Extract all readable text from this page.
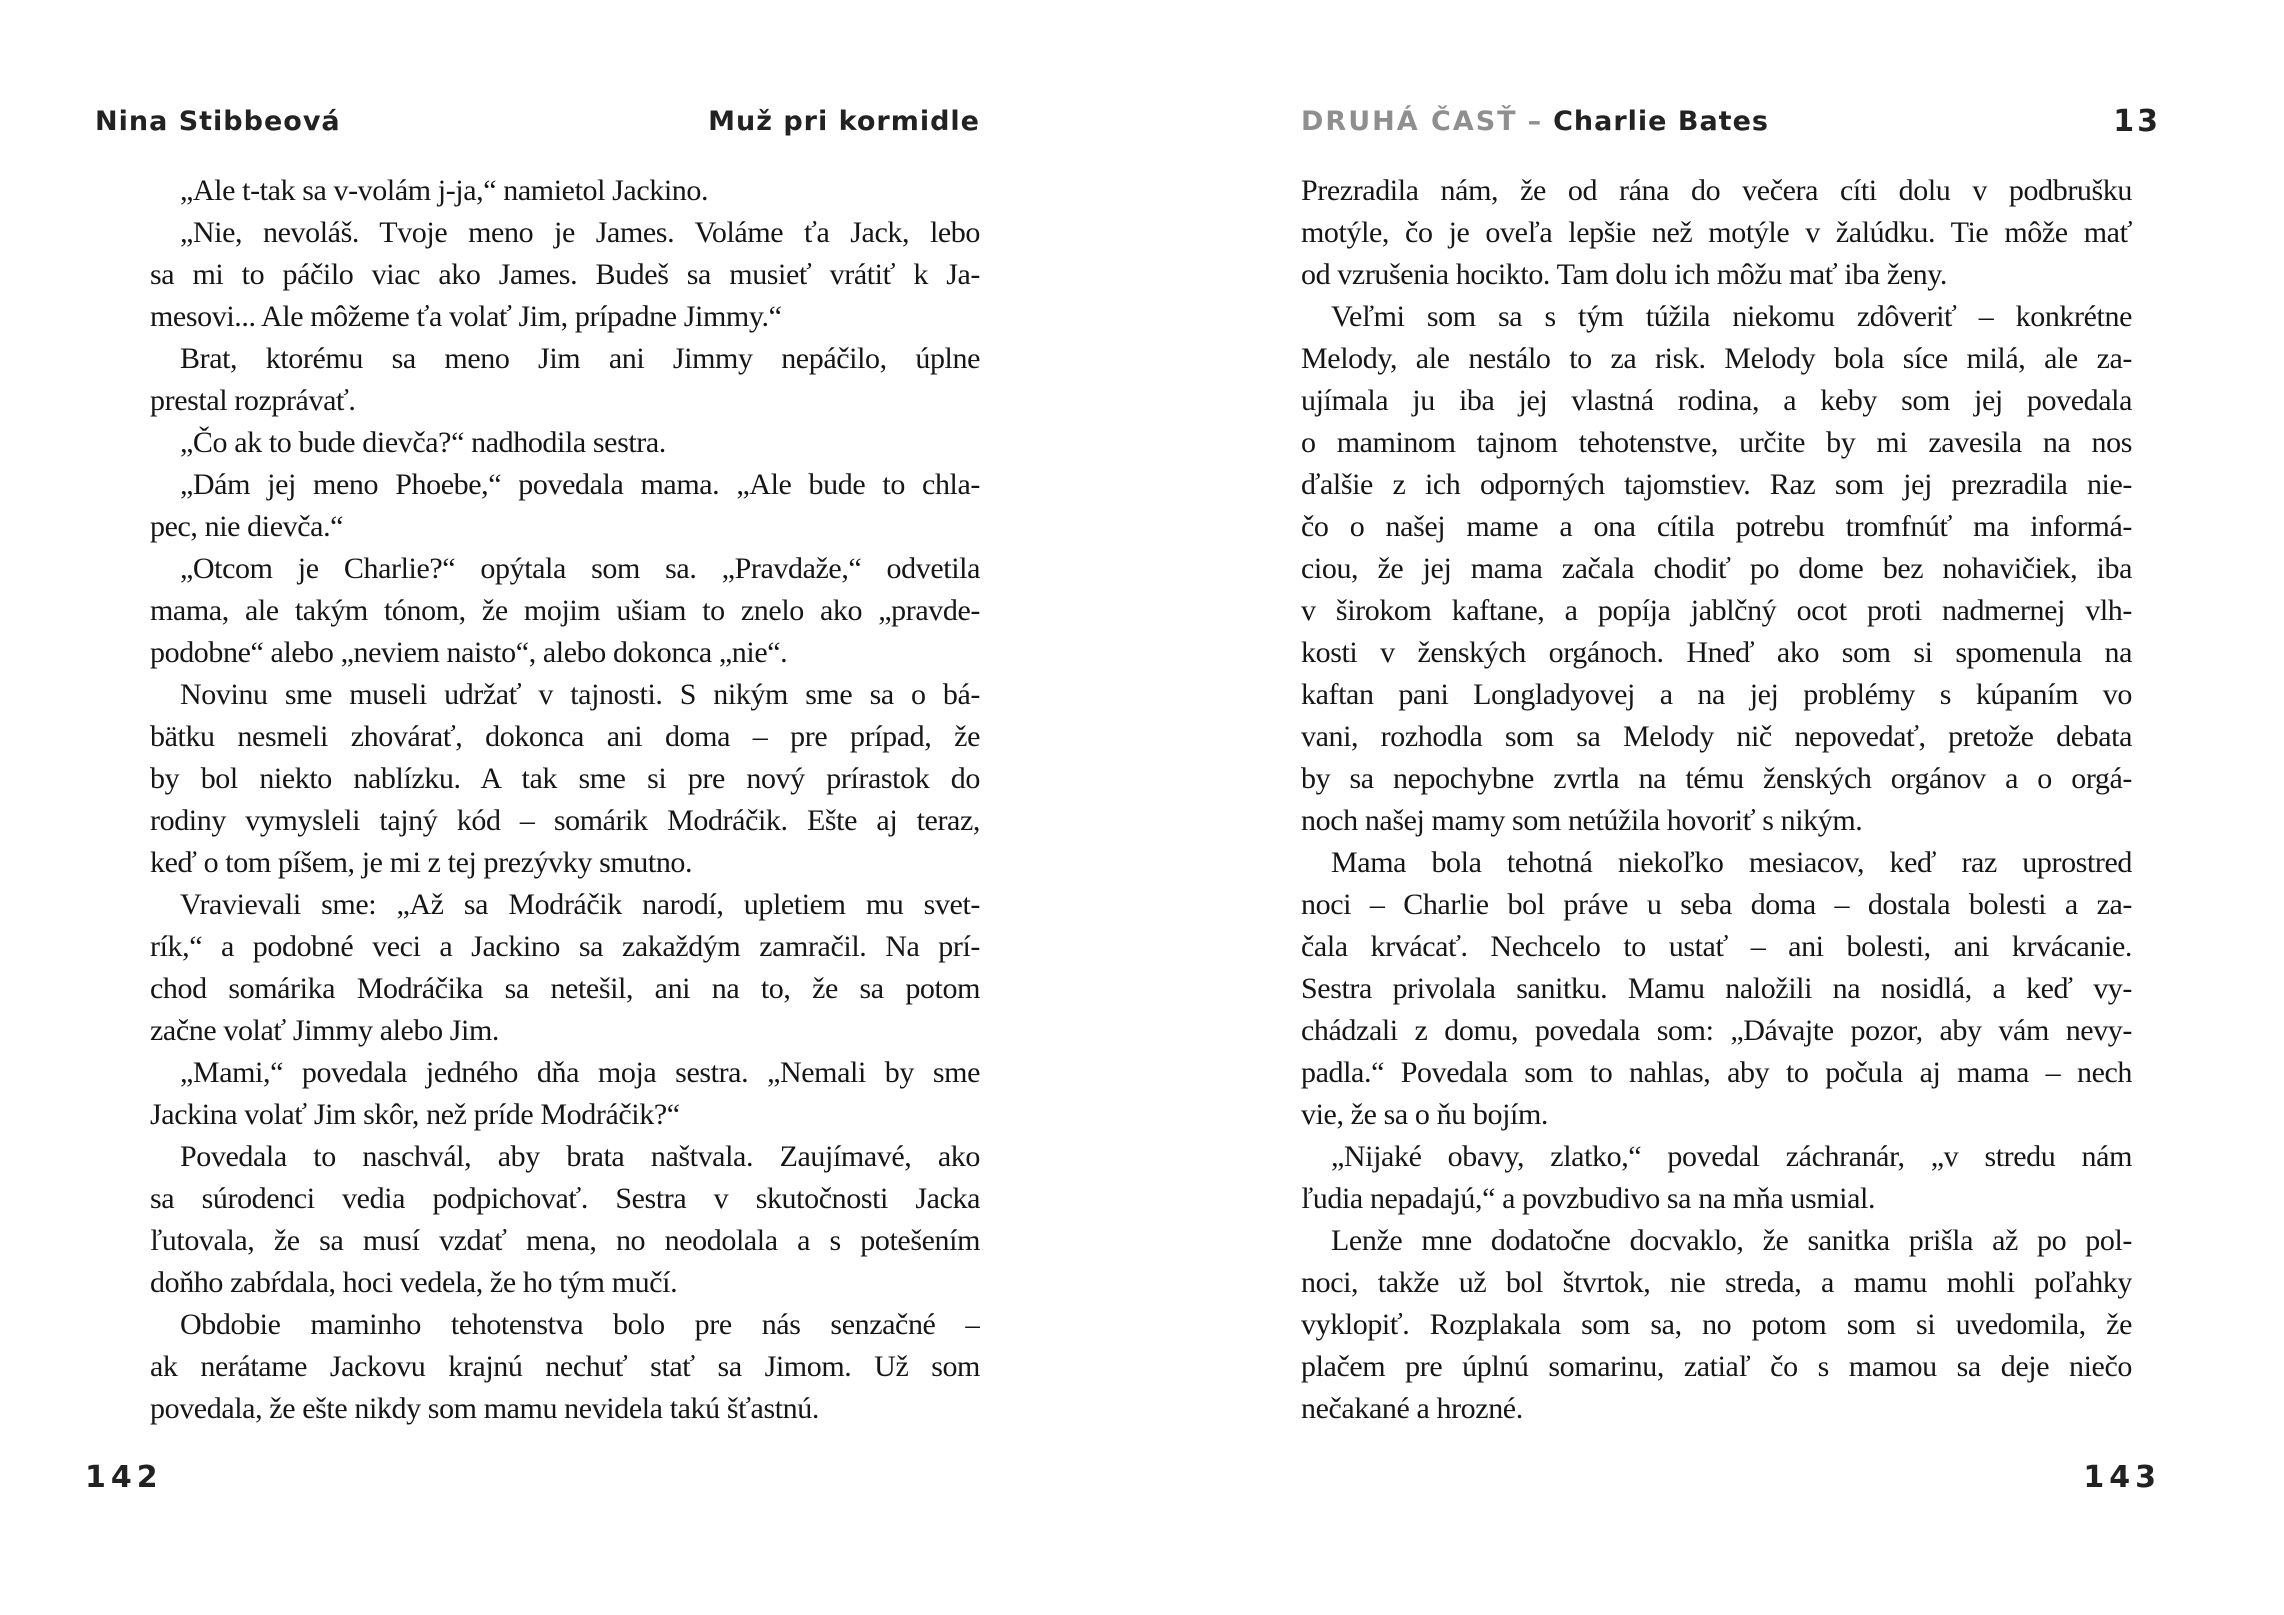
Nina Stibbeová	Muž pri kormidle
„Ale t-tak sa v-volám j-ja,“ namietol Jackino.
„Nie, nevoláš. Tvoje meno je James. Voláme ťa Jack, lebo
sa mi to páčilo viac ako James. Budeš sa musieť vrátiť k Ja-
mesovi... Ale môžeme ťa volať Jim, prípadne Jimmy.“
Brat, ktorému sa meno Jim ani Jimmy nepáčilo, úplne
prestal rozprávať.
„Čo ak to bude dievča?“ nadhodila sestra.
„Dám jej meno Phoebe,“ povedala mama. „Ale bude to chla-
pec, nie dievča.“
„Otcom je Charlie?“ opýtala som sa. „Pravdaže,“ odvetila
mama, ale takým tónom, že mojim ušiam to znelo ako „pravde-
podobne“ alebo „neviem naisto“, alebo dokonca „nie“.
Novinu sme museli udržať v tajnosti. S nikým sme sa o bá-
bätku nesmeli zhovárať, dokonca ani doma – pre prípad, že
by bol niekto nablízku. A tak sme si pre nový prírastok do
rodiny vymysleli tajný kód – somárik Modráčik. Ešte aj teraz,
keď o tom píšem, je mi z tej prezývky smutno.
Vravievali sme: „Až sa Modráčik narodí, upletiem mu svet-
rík,“ a podobné veci a Jackino sa zakaždým zamračil. Na prí-
chod somárika Modráčika sa netešil, ani na to, že sa potom
začne volať Jimmy alebo Jim.
„Mami,“ povedala jedného dňa moja sestra. „Nemali by sme
Jackina volať Jim skôr, než príde Modráčik?“
Povedala to naschvál, aby brata naštvala. Zaujímavé, ako
sa súrodenci vedia podpichovať. Sestra v skutočnosti Jacka
ľutovala, že sa musí vzdať mena, no neodolala a s potešením
doňho zabŕdala, hoci vedela, že ho tým mučí.
Obdobie maminho tehotenstva bolo pre nás senzačné –
ak nerátame Jackovu krajnú nechuť stať sa Jimom. Už som
povedala, že ešte nikdy som mamu nevidela takú šťastnú.
142
DRUHÁ ČASŤ – Charlie Bates	13
Prezradila nám, že od rána do večera cíti dolu v podbrušku
motýle, čo je oveľa lepšie než motýle v žalúdku. Tie môže mať
od vzrušenia hocikto. Tam dolu ich môžu mať iba ženy.
Veľmi som sa s tým túžila niekomu zdôveriť – konkrétne
Melody, ale nestálo to za risk. Melody bola síce milá, ale za-
ujímala ju iba jej vlastná rodina, a keby som jej povedala
o maminom tajnom tehotenstve, určite by mi zavesila na nos
ďalšie z ich odporných tajomstiev. Raz som jej prezradila nie-
čo o našej mame a ona cítila potrebu tromfnúť ma informá-
ciou, že jej mama začala chodiť po dome bez nohavičiek, iba
v širokom kaftane, a popíja jablčný ocot proti nadmernej vlh-
kosti v ženských orgánoch. Hneď ako som si spomenula na
kaftan pani Longladyovej a na jej problémy s kúpaním vo
vani, rozhodla som sa Melody nič nepovedať, pretože debata
by sa nepochybne zvrtla na tému ženských orgánov a o orgá-
noch našej mamy som netúžila hovoriť s nikým.
Mama bola tehotná niekoľko mesiacov, keď raz uprostred
noci – Charlie bol práve u seba doma – dostala bolesti a za-
čala krvácať. Nechcelo to ustať – ani bolesti, ani krvácanie.
Sestra privolala sanitku. Mamu naložili na nosidlá, a keď vy-
chádzali z domu, povedala som: „Dávajte pozor, aby vám nevy-
padla.“ Povedala som to nahlas, aby to počula aj mama – nech
vie, že sa o ňu bojím.
„Nijaké obavy, zlatko,“ povedal záchranár, „v stredu nám
ľudia nepadajú,“ a povzbudivo sa na mňa usmial.
Lenže mne dodatočne docvaklo, že sanitka prišla až po pol-
noci, takže už bol štvrtok, nie streda, a mamu mohli poľahky
vyklopiť. Rozplakala som sa, no potom som si uvedomila, že
plačem pre úplnú somarinu, zatiaľ čo s mamou sa deje niečo
nečakané a hrozné.
143
